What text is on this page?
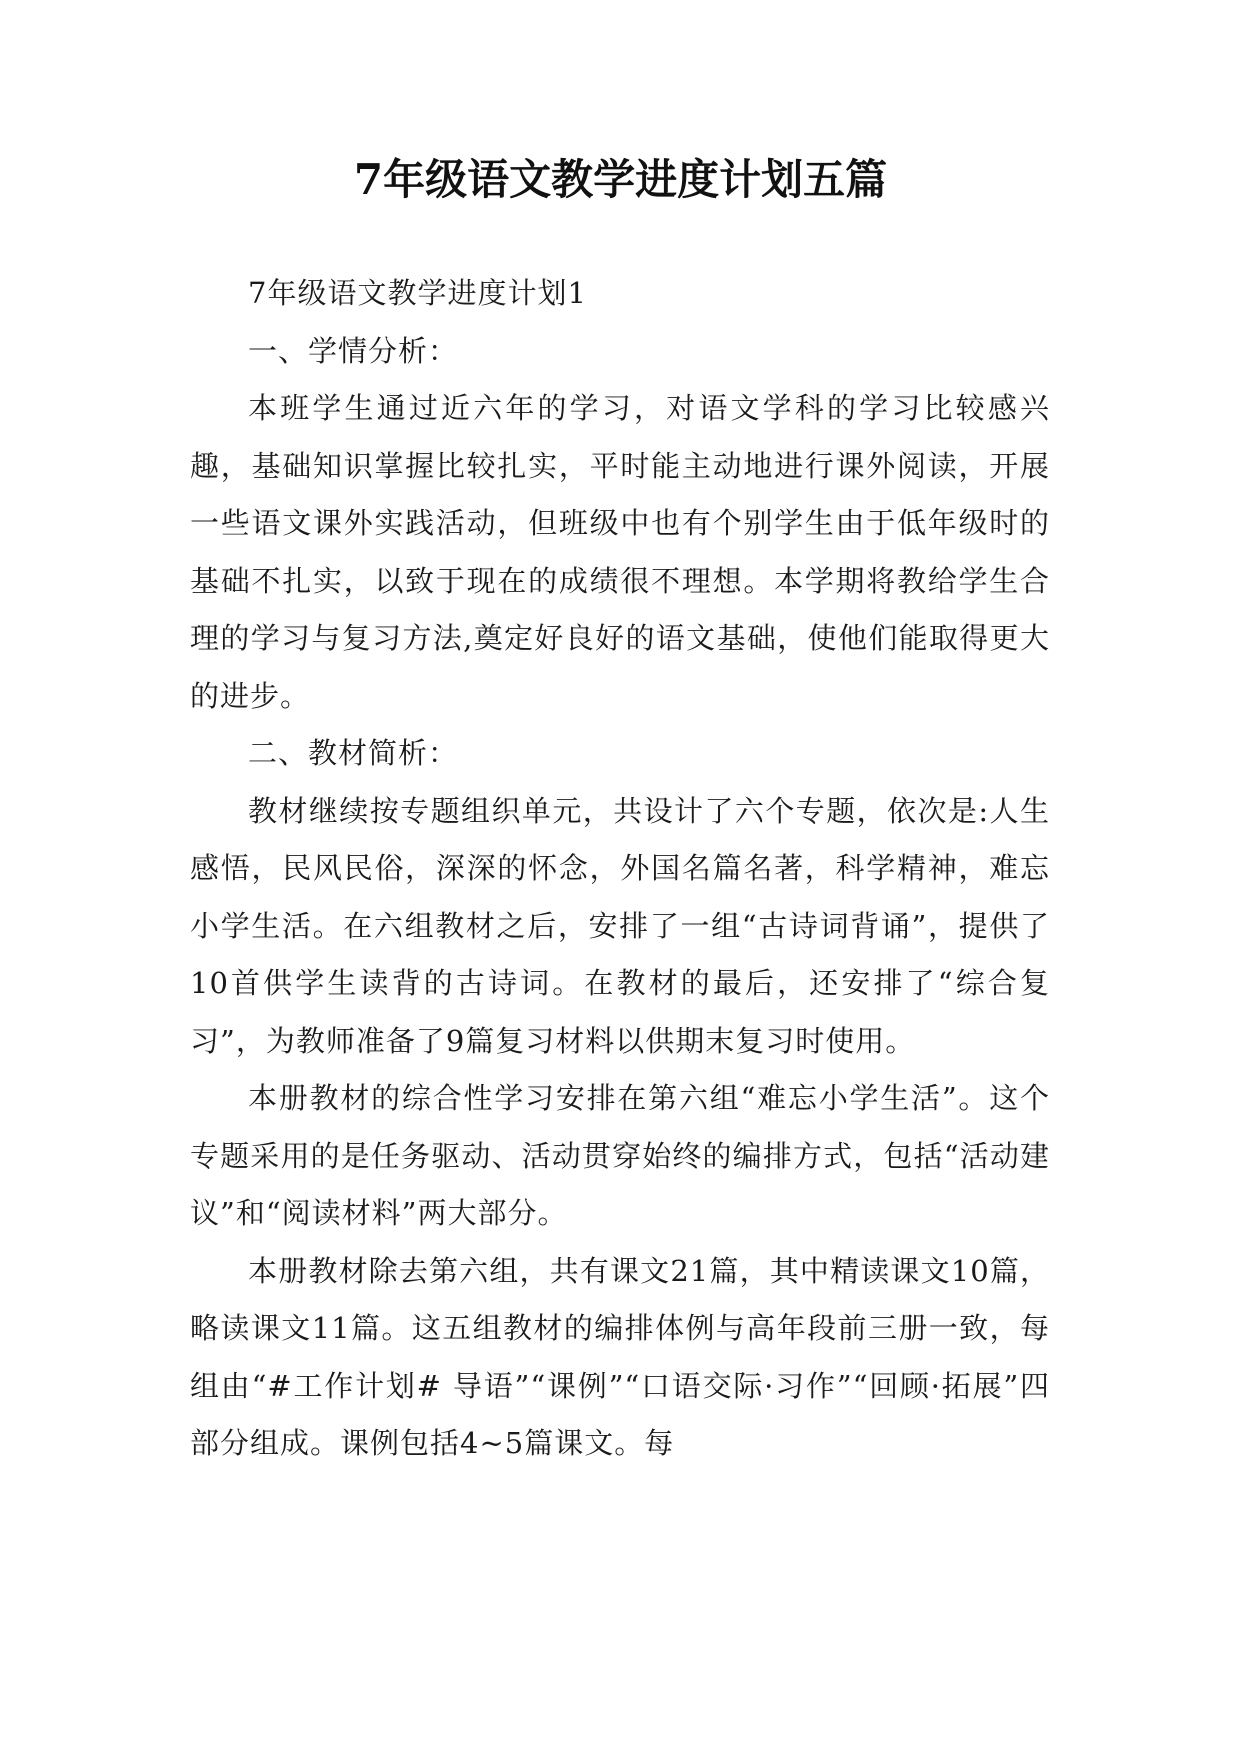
7年级语文教学进度计划五篇

7年级语文教学进度计划1

一、学情分析：

本班学生通过近六年的学习，对语文学科的学习比较感兴趣，基础知识掌握比较扎实，平时能主动地进行课外阅读，开展一些语文课外实践活动，但班级中也有个别学生由于低年级时的基础不扎实，以致于现在的成绩很不理想。本学期将教给学生合理的学习与复习方法,奠定好良好的语文基础，使他们能取得更大的进步。

二、教材简析：

教材继续按专题组织单元，共设计了六个专题，依次是:人生感悟，民风民俗，深深的怀念，外国名篇名著，科学精神，难忘小学生活。在六组教材之后，安排了一组“古诗词背诵”，提供了10首供学生读背的古诗词。在教材的最后，还安排了“综合复习”，为教师准备了9篇复习材料以供期末复习时使用。

本册教材的综合性学习安排在第六组“难忘小学生活”。这个专题采用的是任务驱动、活动贯穿始终的编排方式，包括“活动建议”和“阅读材料”两大部分。

本册教材除去第六组，共有课文21篇，其中精读课文10篇，略读课文11篇。这五组教材的编排体例与高年段前三册一致，每组由“#工作计划# 导语”“课例”“口语交际·习作”“回顾·拓展”四部分组成。课例包括4~5篇课文。每
